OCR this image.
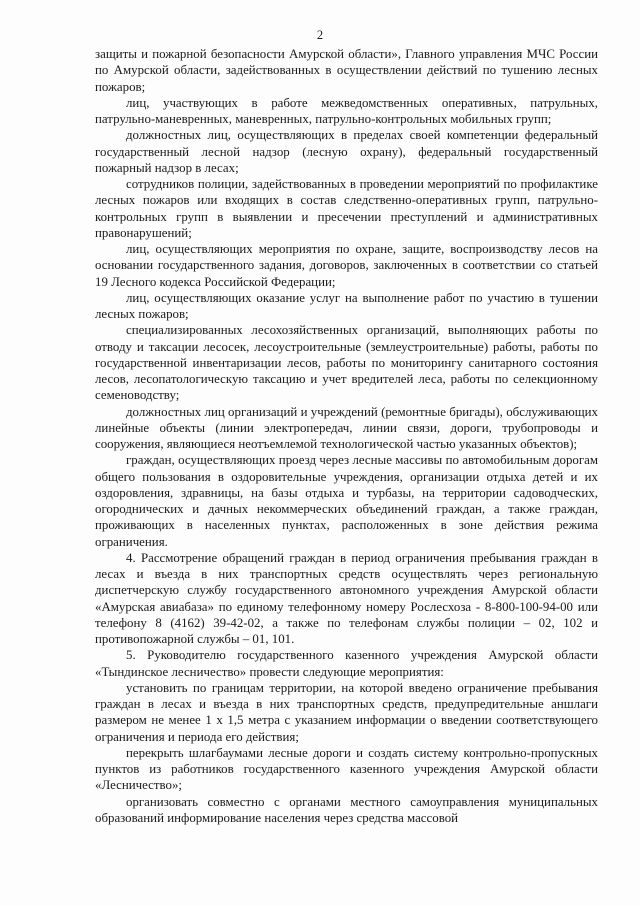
2

защиты и пожарной безопасности Амурской области», Главного управления МЧС России по Амурской области, задействованных в осуществлении действий по тушению лесных пожаров;

лиц, участвующих в работе межведомственных оперативных, патрульных, патрульно-маневренных, маневренных, патрульно-контрольных мобильных групп;

должностных лиц, осуществляющих в пределах своей компетенции федеральный государственный лесной надзор (лесную охрану), федеральный государственный пожарный надзор в лесах;

сотрудников полиции, задействованных в проведении мероприятий по профилактике лесных пожаров или входящих в состав следственно-оперативных групп, патрульно-контрольных групп в выявлении и пресечении преступлений и административных правонарушений;

лиц, осуществляющих мероприятия по охране, защите, воспроизводству лесов на основании государственного задания, договоров, заключенных в соответствии со статьей 19 Лесного кодекса Российской Федерации;

лиц, осуществляющих оказание услуг на выполнение работ по участию в тушении лесных пожаров;

специализированных лесохозяйственных организаций, выполняющих работы по отводу и таксации лесосек, лесоустроительные (землеустроительные) работы, работы по государственной инвентаризации лесов, работы по мониторингу санитарного состояния лесов, лесопатологическую таксацию и учет вредителей леса, работы по селекционному семеноводству;

должностных лиц организаций и учреждений (ремонтные бригады), обслуживающих линейные объекты (линии электропередач, линии связи, дороги, трубопроводы и сооружения, являющиеся неотъемлемой технологической частью указанных объектов);

граждан, осуществляющих проезд через лесные массивы по автомобильным дорогам общего пользования в оздоровительные учреждения, организации отдыха детей и их оздоровления, здравницы, на базы отдыха и турбазы, на территории садоводческих, огороднических и дачных некоммерческих объединений граждан, а также граждан, проживающих в населенных пунктах, расположенных в зоне действия режима ограничения.

4. Рассмотрение обращений граждан в период ограничения пребывания граждан в лесах и въезда в них транспортных средств осуществлять через региональную диспетчерскую службу государственного автономного учреждения Амурской области «Амурская авиабаза» по единому телефонному номеру Рослесхоза - 8-800-100-94-00 или телефону 8 (4162) 39-42-02, а также по телефонам службы полиции – 02, 102 и противопожарной службы – 01, 101.

5. Руководителю государственного казенного учреждения Амурской области «Тындинское лесничество» провести следующие мероприятия:

установить по границам территории, на которой введено ограничение пребывания граждан в лесах и въезда в них транспортных средств, предупредительные аншлаги размером не менее 1 х 1,5 метра с указанием информации о введении соответствующего ограничения и периода его действия;

перекрыть шлагбаумами лесные дороги и создать систему контрольно-пропускных пунктов из работников государственного казенного учреждения Амурской области «Лесничество»;

организовать совместно с органами местного самоуправления муниципальных образований информирование населения через средства массовой
